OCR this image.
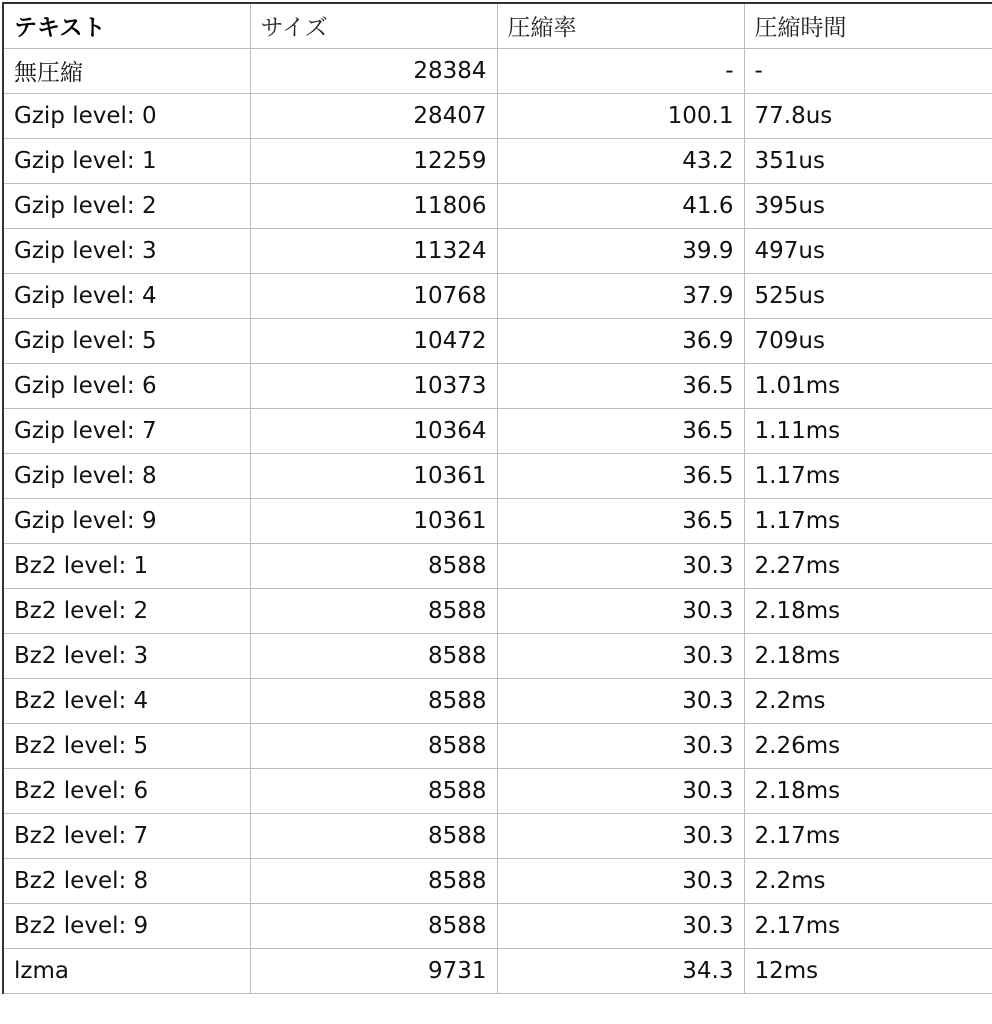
テキスト	サイズ	圧縮率	圧縮時間
無圧縮	28384	-	-
Gzip level: 0	28407	100.1	77.8us
Gzip level: 1	12259	43.2	351us
Gzip level: 2	11806	41.6	395us
Gzip level: 3	11324	39.9	497us
Gzip level: 4	10768	37.9	525us
Gzip level: 5	10472	36.9	709us
Gzip level: 6	10373	36.5	1.01ms
Gzip level: 7	10364	36.5	1.11ms
Gzip level: 8	10361	36.5	1.17ms
Gzip level: 9	10361	36.5	1.17ms
Bz2 level: 1	8588	30.3	2.27ms
Bz2 level: 2	8588	30.3	2.18ms
Bz2 level: 3	8588	30.3	2.18ms
Bz2 level: 4	8588	30.3	2.2ms
Bz2 level: 5	8588	30.3	2.26ms
Bz2 level: 6	8588	30.3	2.18ms
Bz2 level: 7	8588	30.3	2.17ms
Bz2 level: 8	8588	30.3	2.2ms
Bz2 level: 9	8588	30.3	2.17ms
lzma	9731	34.3	12ms
